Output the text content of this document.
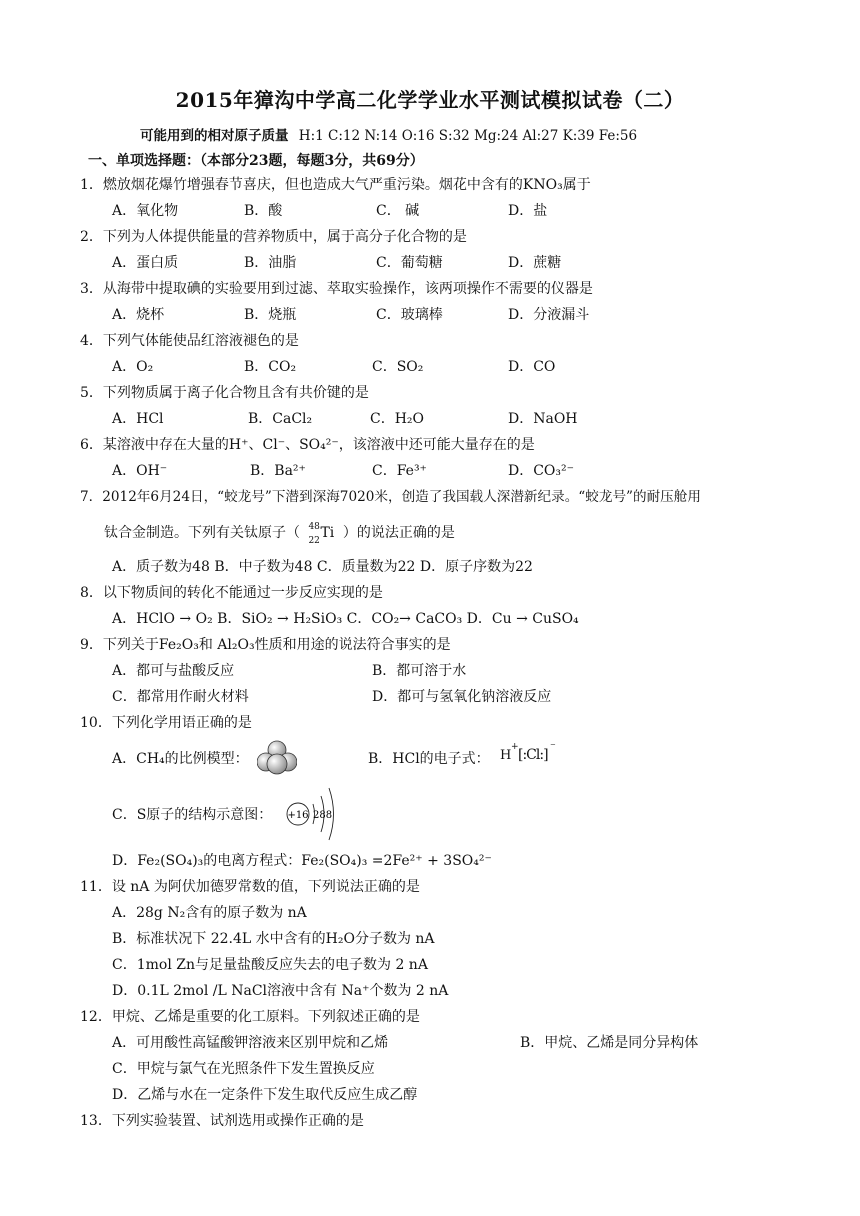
2015年獐沟中学高二化学学业水平测试模拟试卷（二）
可能用到的相对原子质量 H:1 C:12 N:14 O:16 S:32 Mg:24 Al:27 K:39 Fe:56
一、单项选择题：（本部分23题，每题3分，共69分）
1．燃放烟花爆竹增强春节喜庆，但也造成大气严重污染。烟花中含有的KNO₃属于
A．氧化物	B．酸	C． 碱	D．盐
2．下列为人体提供能量的营养物质中，属于高分子化合物的是
A．蛋白质	B．油脂	C．葡萄糖	D．蔗糖
3．从海带中提取碘的实验要用到过滤、萃取实验操作，该两项操作不需要的仪器是
A．烧杯	B．烧瓶	C．玻璃棒	D．分液漏斗
4．下列气体能使品红溶液褪色的是
A．O₂	B．CO₂	C．SO₂	D．CO
5．下列物质属于离子化合物且含有共价键的是
A．HCl	B．CaCl₂	C．H₂O	D．NaOH
6．某溶液中存在大量的H⁺、Cl⁻、SO₄²⁻，该溶液中还可能大量存在的是
A．OH⁻	B．Ba²⁺	C．Fe³⁺	D．CO₃²⁻
7．2012年6月24日，“蛟龙号”下潜到深海7020米，创造了我国载人深潜新纪录。“蛟龙号”的耐压舱用
钛合金制造。下列有关钛原子（ 48
22 Ti ）的说法正确的是
A．质子数为48 B．中子数为48 C．质量数为22 D．原子序数为22
8．以下物质间的转化不能通过一步反应实现的是
A．HClO → O₂ B．SiO₂ → H₂SiO₃ C．CO₂→ CaCO₃ D．Cu → CuSO₄
9．下列关于Fe₂O₃和 Al₂O₃性质和用途的说法符合事实的是
A．都可与盐酸反应	B．都可溶于水
C．都常用作耐火材料	D．都可与氢氧化钠溶液反应
10．下列化学用语正确的是
A．CH₄的比例模型：	B．HCl的电子式： H
+ [:Cl:]
⁻
C．S原子的结构示意图： +16 288
D．Fe₂(SO₄)₃的电离方程式：Fe₂(SO₄)₃ =2Fe²⁺ + 3SO₄²⁻
11．设 nA 为阿伏加德罗常数的值，下列说法正确的是
A．28g N₂含有的原子数为 nA
B．标准状况下 22.4L 水中含有的H₂O分子数为 nA
C．1mol Zn与足量盐酸反应失去的电子数为 2 nA
D．0.1L 2mol /L NaCl溶液中含有 Na⁺个数为 2 nA
12．甲烷、乙烯是重要的化工原料。下列叙述正确的是
A．可用酸性高锰酸钾溶液来区别甲烷和乙烯	B．甲烷、乙烯是同分异构体
C．甲烷与氯气在光照条件下发生置换反应
D．乙烯与水在一定条件下发生取代反应生成乙醇
13．下列实验装置、试剂选用或操作正确的是
